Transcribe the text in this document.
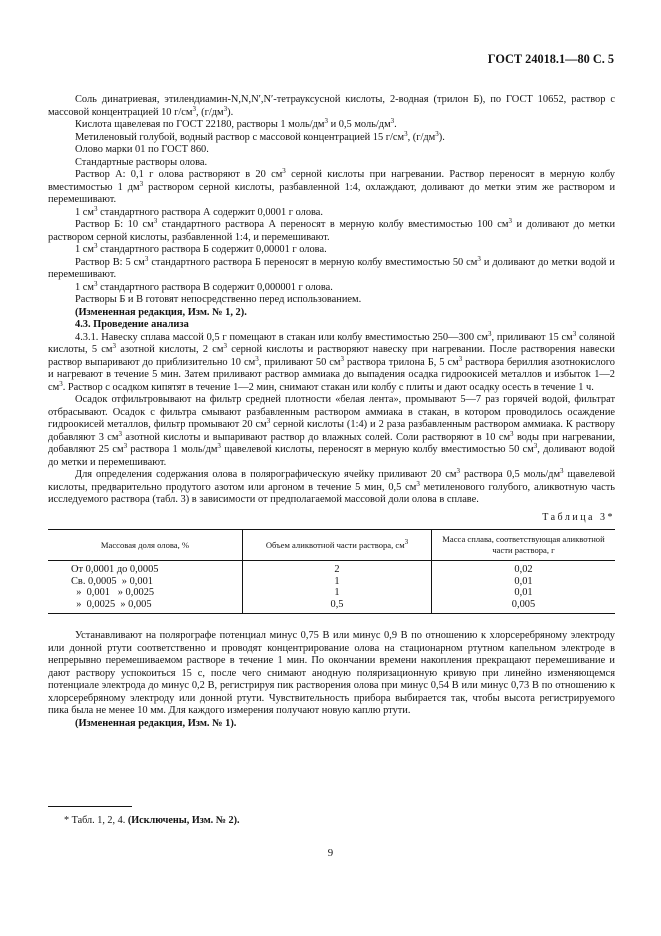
ГОСТ 24018.1—80 С. 5

Соль динатриевая, этилендиамин-N,N,N′,N′-тетрауксусной кислоты, 2-водная (трилон Б), по ГОСТ 10652, раствор с массовой концентрацией 10 $г/см^3$, $(г/дм^3)$.

Кислота щавелевая по ГОСТ 22180, растворы 1 моль/$дм^3$ и 0,5 моль/$дм^3$.

Метиленовый голубой, водный раствор с массовой концентрацией 15 $г/см^3$, $(г/дм^3)$.

Олово марки 01 по ГОСТ 860.

Стандартные растворы олова.

Раствор А: 0,1 г олова растворяют в 20 $см^3$ серной кислоты при нагревании. Раствор переносят в мерную колбу вместимостью 1 $дм^3$ раствором серной кислоты, разбавленной 1:4, охлаждают, доливают до метки этим же раствором и перемешивают.

1 $см^3$ стандартного раствора А содержит 0,0001 г олова.

Раствор Б: 10 $см^3$ стандартного раствора А переносят в мерную колбу вместимостью 100 $см^3$ и доливают до метки раствором серной кислоты, разбавленной 1:4, и перемешивают.

1 $см^3$ стандартного раствора Б содержит 0,00001 г олова.

Раствор В: 5 $см^3$ стандартного раствора Б переносят в мерную колбу вместимостью 50 $см^3$ и доливают до метки водой и перемешивают.

1 $см^3$ стандартного раствора В содержит 0,000001 г олова.

Растворы Б и В готовят непосредственно перед использованием.

(Измененная редакция, Изм. № 1, 2).

4.3. Проведение анализа

4.3.1. Навеску сплава массой 0,5 г помещают в стакан или колбу вместимостью 250—300 $см^3$, приливают 15 $см^3$ соляной кислоты, 5 $см^3$ азотной кислоты, 2 $см^3$ серной кислоты и растворяют навеску при нагревании. После растворения навески раствор выпаривают до приблизительно 10 $см^3$, приливают 50 $см^3$ раствора трилона Б, 5 $см^3$ раствора бериллия азотнокислого и нагревают в течение 5 мин. Затем приливают раствор аммиака до выпадения осадка гидроокисей металлов и избыток 1—2 $см^3$. Раствор с осадком кипятят в течение 1—2 мин, снимают стакан или колбу с плиты и дают осадку осесть в течение 1 ч.

Осадок отфильтровывают на фильтр средней плотности «белая лента», промывают 5—7 раз горячей водой, фильтрат отбрасывают. Осадок с фильтра смывают разбавленным раствором аммиака в стакан, в котором проводилось осаждение гидроокисей металлов, фильтр промывают 20 $см^3$ серной кислоты (1:4) и 2 раза разбавленным раствором аммиака. К раствору добавляют 3 $см^3$ азотной кислоты и выпаривают раствор до влажных солей. Соли растворяют в 10 $см^3$ воды при нагревании, добавляют 25 $см^3$ раствора 1 моль/$дм^3$ щавелевой кислоты, переносят в мерную колбу вместимостью 50 $см^3$, доливают водой до метки и перемешивают.

Для определения содержания олова в полярографическую ячейку приливают 20 $см^3$ раствора 0,5 моль/$дм^3$ щавелевой кислоты, предварительно продутого азотом или аргоном в течение 5 мин, 0,5 $см^3$ метиленового голубого, аликвотную часть исследуемого раствора (табл. 3) в зависимости от предполагаемой массовой доли олова в сплаве.

Таблица 3*
Массовая доля олова, %	Объем аликвотной части раствора, $см^3$	Масса сплава, соответствующая аликвотной части раствора, г
От 0,0001 до 0,0005	2	0,02
Св. 0,0005  » 0,001	1	0,01
»  0,001   » 0,0025	1	0,01
»  0,0025  » 0,005	0,5	0,005

Устанавливают на полярографе потенциал минус 0,75 В или минус 0,9 В по отношению к хлорсеребряному электроду или донной ртути соответственно и проводят концентрирование олова на стационарном ртутном капельном электроде в непрерывно перемешиваемом растворе в течение 1 мин. По окончании времени накопления прекращают перемешивание и дают раствору успокоиться 15 с, после чего снимают анодную поляризационную кривую при линейно изменяющемся потенциале электрода до минус 0,2 В, регистрируя пик растворения олова при минус 0,54 В или минус 0,73 В по отношению к хлорсеребряному электроду или донной ртути. Чувствительность прибора выбирается так, чтобы высота регистрируемого пика была не менее 10 мм. Для каждого измерения получают новую каплю ртути.

(Измененная редакция, Изм. № 1).

* Табл. 1, 2, 4. (Исключены, Изм. № 2).
9
